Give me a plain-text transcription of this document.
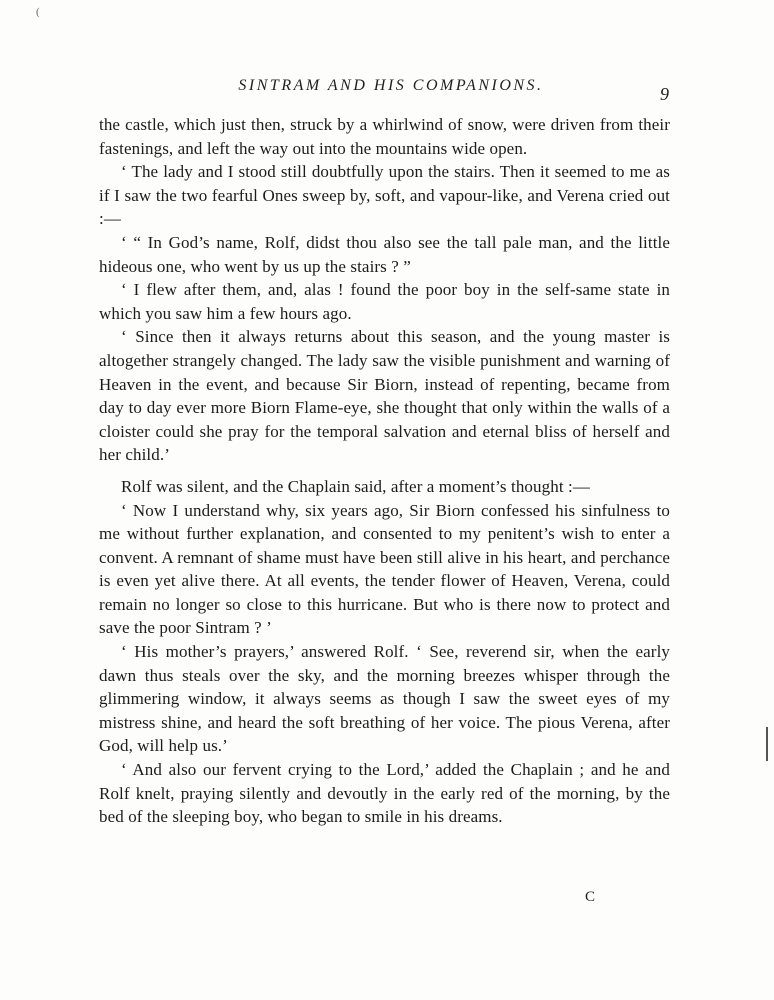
(
SINTRAM AND HIS COMPANIONS.	9

the castle, which just then, struck by a whirlwind of snow, were driven from their fastenings, and left the way out into the mountains wide open.

‘ The lady and I stood still doubtfully upon the stairs. Then it seemed to me as if I saw the two fearful Ones sweep by, soft, and vapour-like, and Verena cried out :—

‘ “ In God’s name, Rolf, didst thou also see the tall pale man, and the little hideous one, who went by us up the stairs ? ”

‘ I flew after them, and, alas ! found the poor boy in the self-same state in which you saw him a few hours ago.

‘ Since then it always returns about this season, and the young master is altogether strangely changed. The lady saw the visible punishment and warning of Heaven in the event, and because Sir Biorn, instead of repenting, became from day to day ever more Biorn Flame-eye, she thought that only within the walls of a cloister could she pray for the temporal salvation and eternal bliss of herself and her child.’

Rolf was silent, and the Chaplain said, after a moment’s thought :—

‘ Now I understand why, six years ago, Sir Biorn confessed his sinfulness to me without further explanation, and consented to my penitent’s wish to enter a convent. A remnant of shame must have been still alive in his heart, and perchance is even yet alive there. At all events, the tender flower of Heaven, Verena, could remain no longer so close to this hurricane. But who is there now to protect and save the poor Sintram ? ’

‘ His mother’s prayers,’ answered Rolf. ‘ See, reverend sir, when the early dawn thus steals over the sky, and the morning breezes whisper through the glimmering window, it always seems as though I saw the sweet eyes of my mistress shine, and heard the soft breathing of her voice. The pious Verena, after God, will help us.’

‘ And also our fervent crying to the Lord,’ added the Chaplain ; and he and Rolf knelt, praying silently and devoutly in the early red of the morning, by the bed of the sleeping boy, who began to smile in his dreams.

C
